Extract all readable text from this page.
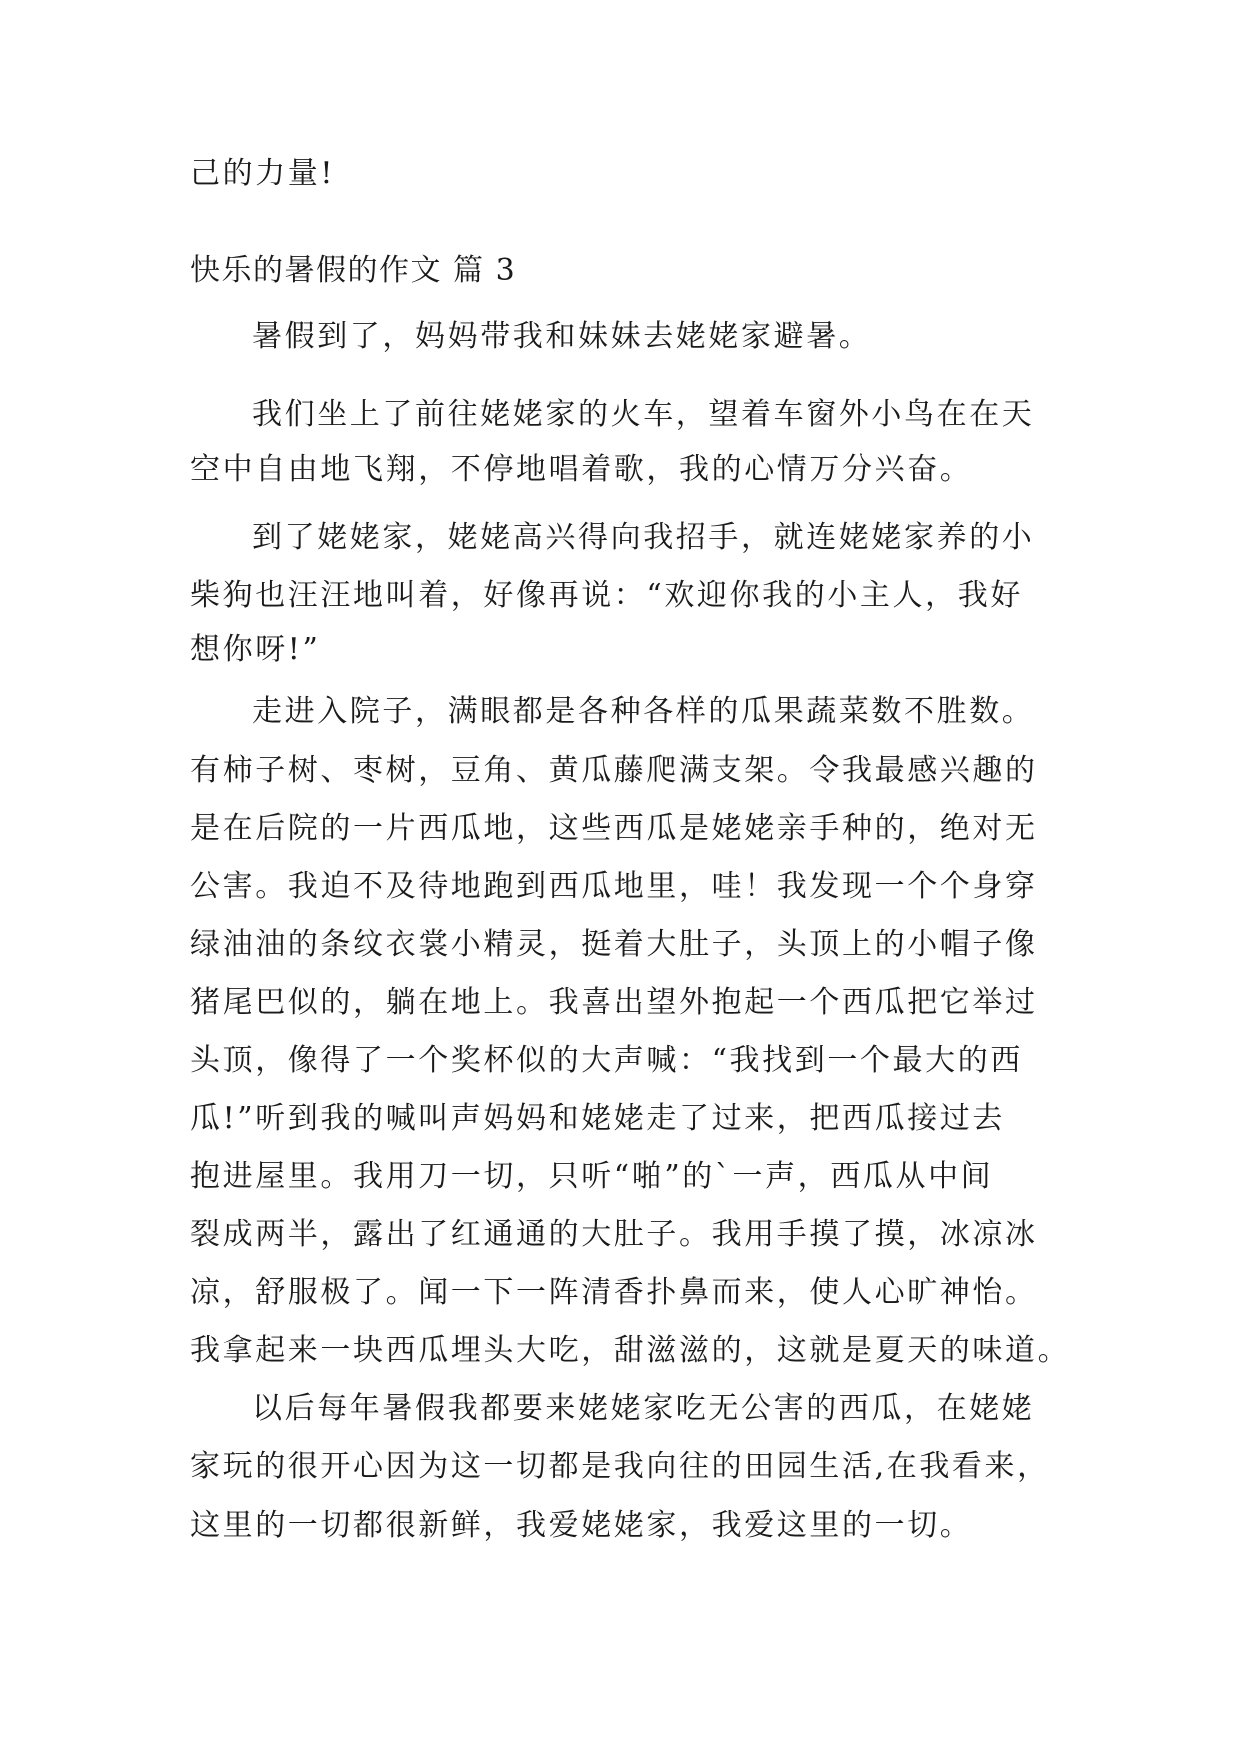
己的力量!
快乐的暑假的作文 篇 3
暑假到了，妈妈带我和妹妹去姥姥家避暑。
我们坐上了前往姥姥家的火车，望着车窗外小鸟在在天
空中自由地飞翔，不停地唱着歌，我的心情万分兴奋。
到了姥姥家，姥姥高兴得向我招手，就连姥姥家养的小
柴狗也汪汪地叫着，好像再说：“欢迎你我的小主人，我好
想你呀!”
走进入院子，满眼都是各种各样的瓜果蔬菜数不胜数。
有柿子树、枣树，豆角、黄瓜藤爬满支架。令我最感兴趣的
是在后院的一片西瓜地，这些西瓜是姥姥亲手种的，绝对无
公害。我迫不及待地跑到西瓜地里，哇！我发现一个个身穿
绿油油的条纹衣裳小精灵，挺着大肚子，头顶上的小帽子像
猪尾巴似的，躺在地上。我喜出望外抱起一个西瓜把它举过
头顶，像得了一个奖杯似的大声喊：“我找到一个最大的西
瓜!”听到我的喊叫声妈妈和姥姥走了过来，把西瓜接过去
抱进屋里。我用刀一切，只听“啪”的`一声，西瓜从中间
裂成两半，露出了红通通的大肚子。我用手摸了摸，冰凉冰
凉，舒服极了。闻一下一阵清香扑鼻而来，使人心旷神怡。
我拿起来一块西瓜埋头大吃，甜滋滋的，这就是夏天的味道。
以后每年暑假我都要来姥姥家吃无公害的西瓜，在姥姥
家玩的很开心因为这一切都是我向往的田园生活,在我看来，
这里的一切都很新鲜，我爱姥姥家，我爱这里的一切。
